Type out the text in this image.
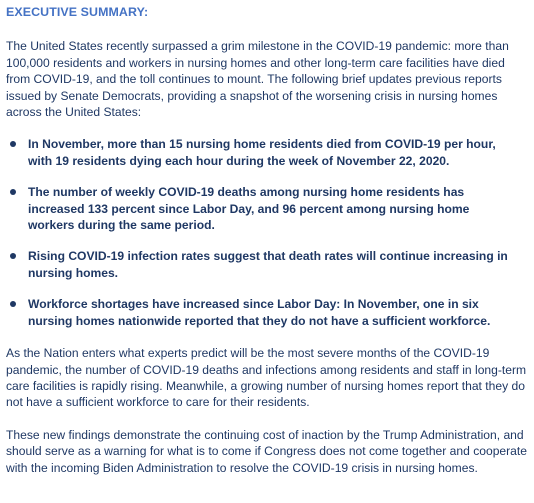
EXECUTIVE SUMMARY:

The United States recently surpassed a grim milestone in the COVID-19 pandemic: more than 100,000 residents and workers in nursing homes and other long-term care facilities have died from COVID-19, and the toll continues to mount. The following brief updates previous reports issued by Senate Democrats, providing a snapshot of the worsening crisis in nursing homes across the United States:

In November, more than 15 nursing home residents died from COVID-19 per hour, with 19 residents dying each hour during the week of November 22, 2020.
The number of weekly COVID-19 deaths among nursing home residents has increased 133 percent since Labor Day, and 96 percent among nursing home workers during the same period.
Rising COVID-19 infection rates suggest that death rates will continue increasing in nursing homes.
Workforce shortages have increased since Labor Day: In November, one in six nursing homes nationwide reported that they do not have a sufficient workforce.

As the Nation enters what experts predict will be the most severe months of the COVID-19 pandemic, the number of COVID-19 deaths and infections among residents and staff in long-term care facilities is rapidly rising. Meanwhile, a growing number of nursing homes report that they do not have a sufficient workforce to care for their residents.

These new findings demonstrate the continuing cost of inaction by the Trump Administration, and should serve as a warning for what is to come if Congress does not come together and cooperate with the incoming Biden Administration to resolve the COVID-19 crisis in nursing homes.
